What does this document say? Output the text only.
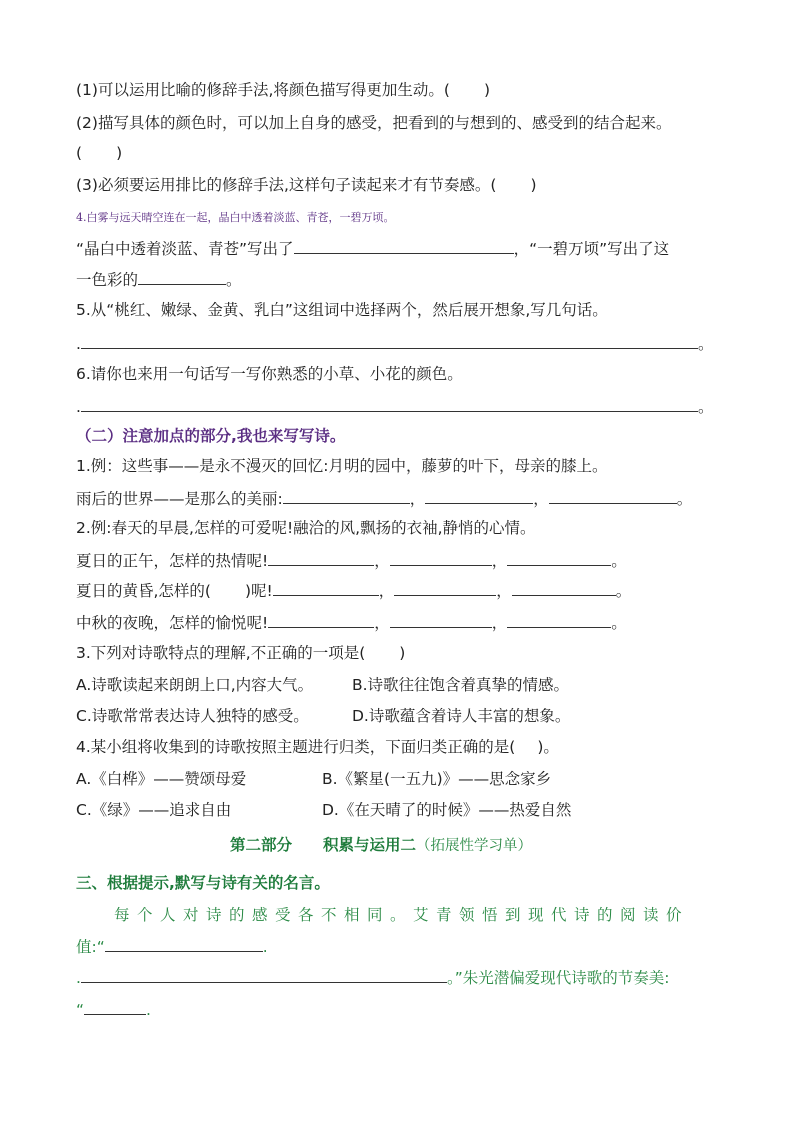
(1)可以运用比喻的修辞手法,将颜色描写得更加生动。( )
(2)描写具体的颜色时，可以加上自身的感受，把看到的与想到的、感受到的结合起来。
( )
(3)必须要运用排比的修辞手法,这样句子读起来才有节奏感。( )
4.白雾与远天晴空连在一起，晶白中透着淡蓝、青苍，一碧万顷。
“晶白中透着淡蓝、青苍”写出了	，“一碧万顷”写出了这
一色彩的	。
5.从“桃红、嫩绿、金黄、乳白”这组词中选择两个，然后展开想象,写几句话。
.	。
6.请你也来用一句话写一写你熟悉的小草、小花的颜色。
.	。
（二）注意加点的部分,我也来写写诗。
1.例：这些事——是永不漫灭的回忆:月明的园中，藤萝的叶下，母亲的膝上。
雨后的世界——是那么的美丽:	，	，	。
2.例:春天的早晨,怎样的可爱呢!融洽的风,飘扬的衣袖,静悄的心情。
夏日的正午，怎样的热情呢!	，	，	。
夏日的黄昏,怎样的( )呢!	，	，	。
中秋的夜晚，怎样的愉悦呢!	，	，	。
3.下列对诗歌特点的理解,不正确的一项是( )
A.诗歌读起来朗朗上口,内容大气。	B.诗歌往往饱含着真挚的情感。
C.诗歌常常表达诗人独特的感受。	D.诗歌蕴含着诗人丰富的想象。
4.某小组将收集到的诗歌按照主题进行归类，下面归类正确的是( )。
A.《白桦》——赞颂母爱	B.《繁星(一五九)》——思念家乡
C.《绿》——追求自由	D.《在天晴了的时候》——热爱自然
第二部分　　积累与运用二（拓展性学习单）
三、根据提示,默写与诗有关的名言。
每个人对诗的感受各不相同。艾青领悟到现代诗的阅读价
值:“	.
.	。”朱光潜偏爱现代诗歌的节奏美:
“	.
